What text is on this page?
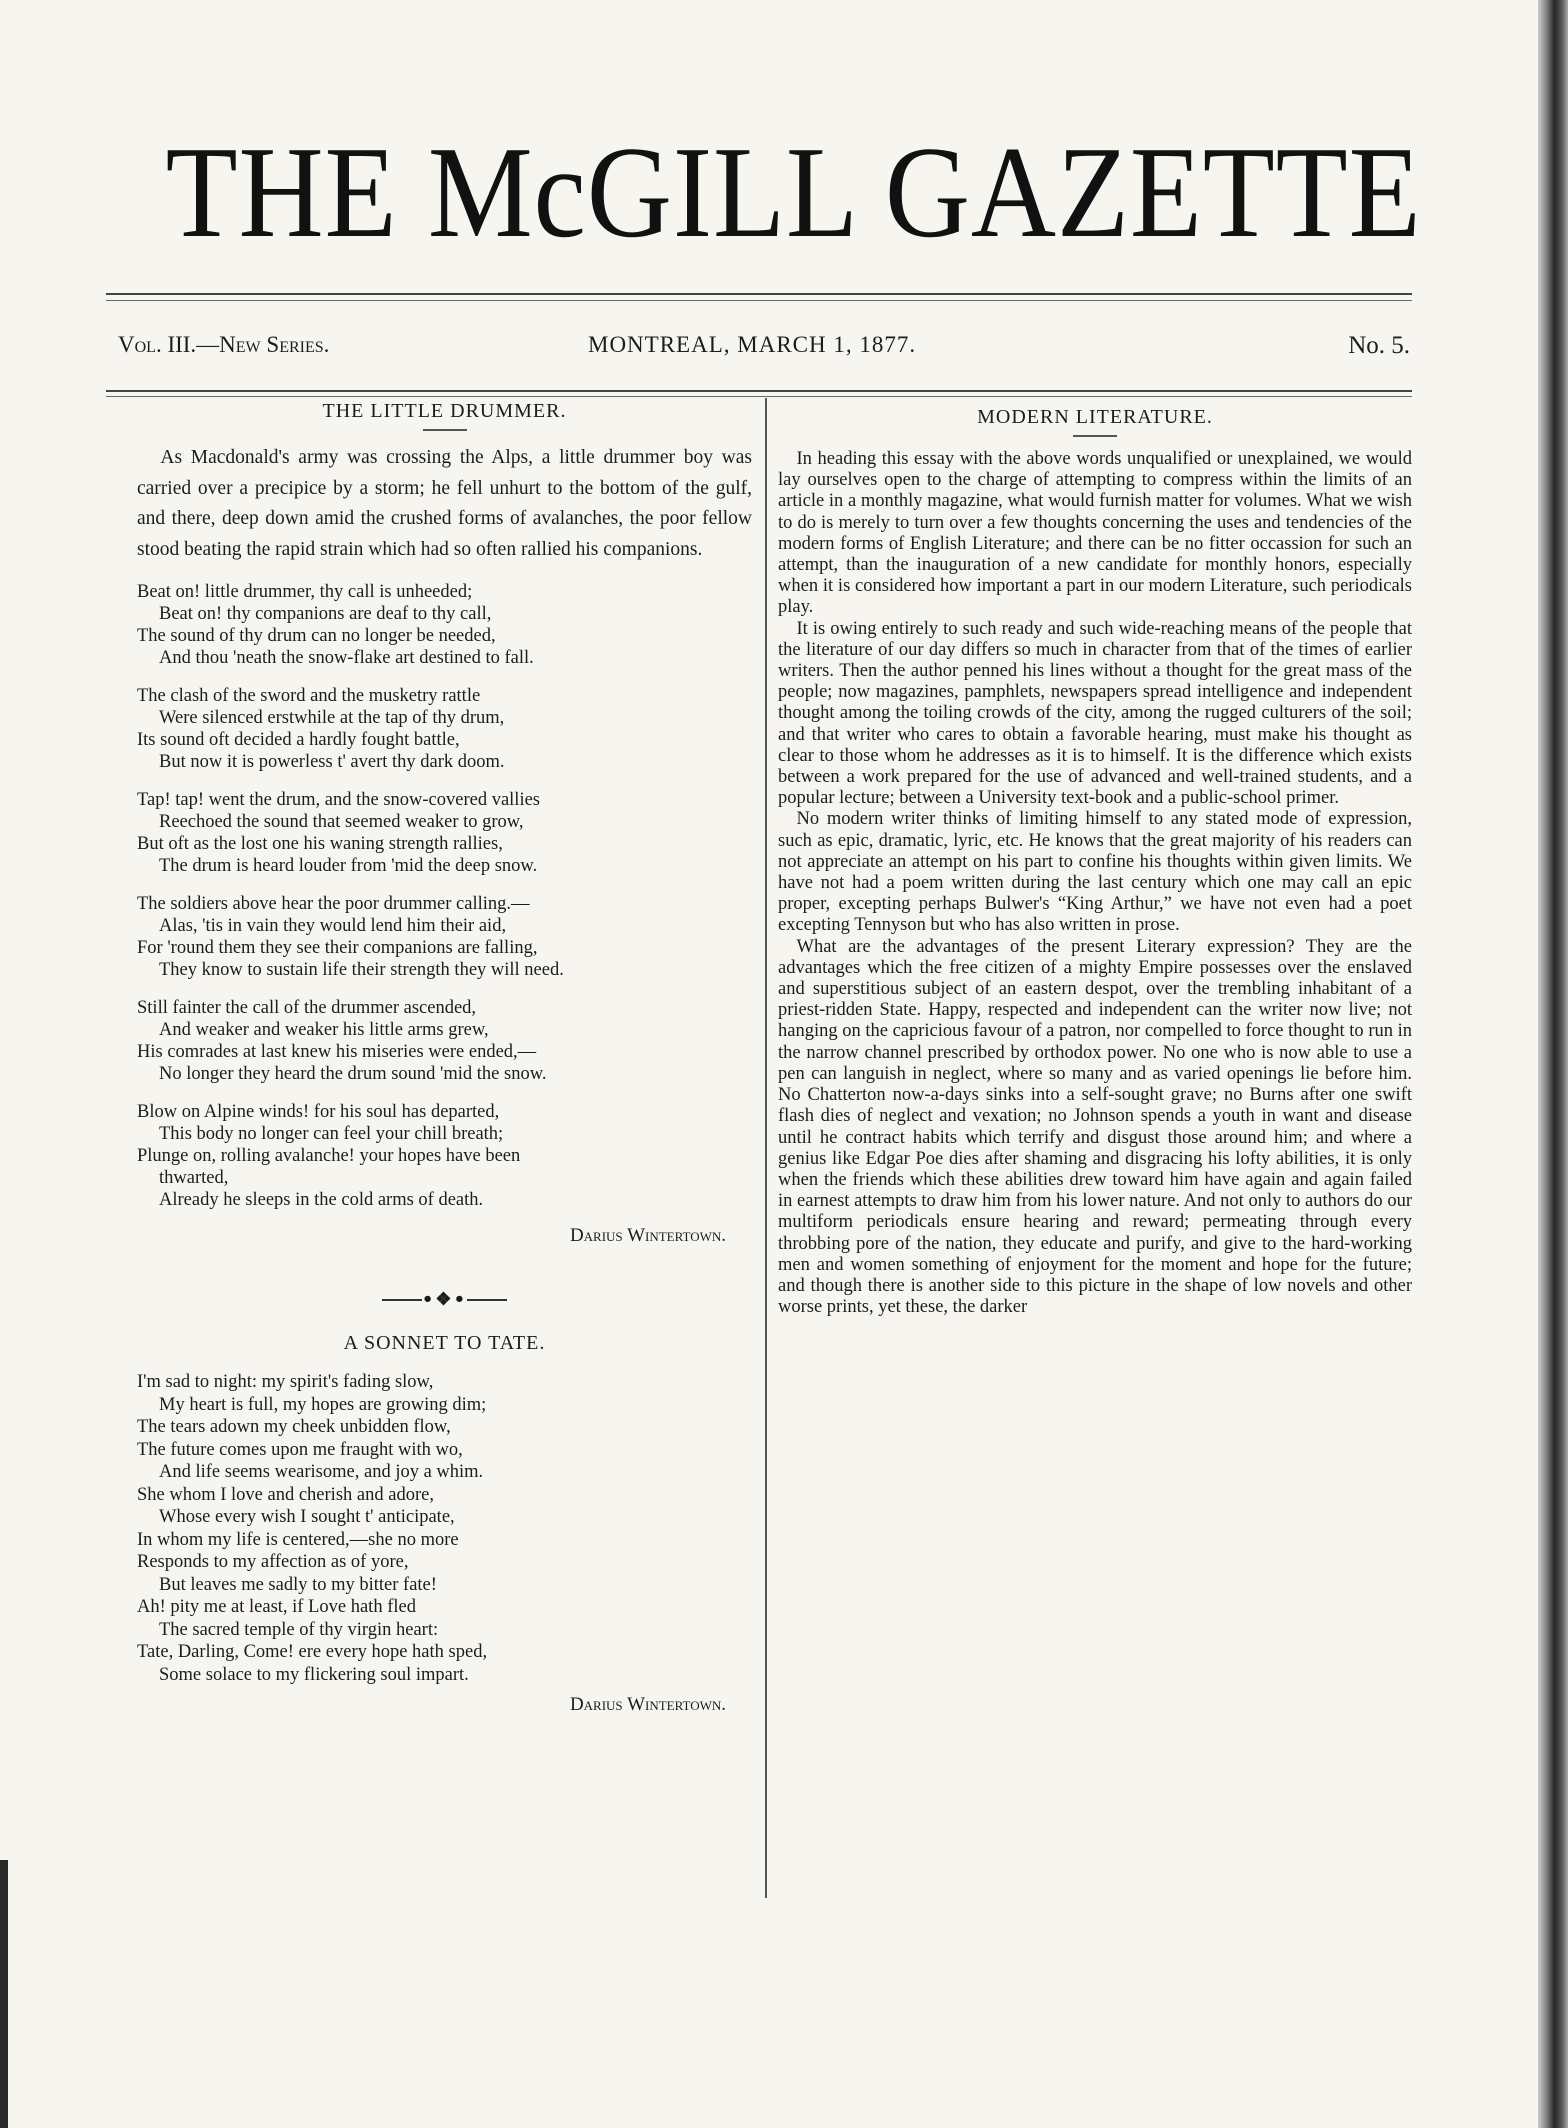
THE McGILL GAZETTE
Vol. III.—New Series.	MONTREAL, MARCH 1, 1877.	No. 5.
THE LITTLE DRUMMER.

As Macdonald's army was crossing the Alps, a little drummer boy was carried over a precipice by a storm; he fell unhurt to the bottom of the gulf, and there, deep down amid the crushed forms of avalanches, the poor fellow stood beating the rapid strain which had so often rallied his companions.

Beat on! little drummer, thy call is unheeded;
Beat on! thy companions are deaf to thy call,
The sound of thy drum can no longer be needed,
And thou 'neath the snow-flake art destined to fall.
The clash of the sword and the musketry rattle
Were silenced erstwhile at the tap of thy drum,
Its sound oft decided a hardly fought battle,
But now it is powerless t' avert thy dark doom.
Tap! tap! went the drum, and the snow-covered vallies
Reechoed the sound that seemed weaker to grow,
But oft as the lost one his waning strength rallies,
The drum is heard louder from 'mid the deep snow.
The soldiers above hear the poor drummer calling.—
Alas, 'tis in vain they would lend him their aid,
For 'round them they see their companions are falling,
They know to sustain life their strength they will need.
Still fainter the call of the drummer ascended,
And weaker and weaker his little arms grew,
His comrades at last knew his miseries were ended,—
No longer they heard the drum sound 'mid the snow.
Blow on Alpine winds! for his soul has departed,
This body no longer can feel your chill breath;
Plunge on, rolling avalanche! your hopes have been
thwarted,
Already he sleeps in the cold arms of death.
Darius Wintertown.
•❖•
A SONNET TO TATE.
I'm sad to night: my spirit's fading slow,
My heart is full, my hopes are growing dim;
The tears adown my cheek unbidden flow,
The future comes upon me fraught with wo,
And life seems wearisome, and joy a whim.
She whom I love and cherish and adore,
Whose every wish I sought t' anticipate,
In whom my life is centered,—she no more
Responds to my affection as of yore,
But leaves me sadly to my bitter fate!
Ah! pity me at least, if Love hath fled
The sacred temple of thy virgin heart:
Tate, Darling, Come! ere every hope hath sped,
Some solace to my flickering soul impart.
Darius Wintertown.
MODERN LITERATURE.

In heading this essay with the above words unqualified or unexplained, we would lay ourselves open to the charge of attempting to compress within the limits of an article in a monthly magazine, what would furnish matter for volumes. What we wish to do is merely to turn over a few thoughts concerning the uses and tendencies of the modern forms of English Literature; and there can be no fitter occassion for such an attempt, than the inauguration of a new candidate for monthly honors, especially when it is considered how important a part in our modern Literature, such periodicals play.

It is owing entirely to such ready and such wide-reaching means of the people that the literature of our day differs so much in character from that of the times of earlier writers. Then the author penned his lines without a thought for the great mass of the people; now magazines, pamphlets, newspapers spread intelligence and independent thought among the toiling crowds of the city, among the rugged culturers of the soil; and that writer who cares to obtain a favorable hearing, must make his thought as clear to those whom he addresses as it is to himself. It is the difference which exists between a work prepared for the use of advanced and well-trained students, and a popular lecture; between a University text-book and a public-school primer.

No modern writer thinks of limiting himself to any stated mode of expression, such as epic, dramatic, lyric, etc. He knows that the great majority of his readers can not appreciate an attempt on his part to confine his thoughts within given limits. We have not had a poem written during the last century which one may call an epic proper, excepting perhaps Bulwer's “King Arthur,” we have not even had a poet excepting Tennyson but who has also written in prose.

What are the advantages of the present Literary expression? They are the advantages which the free citizen of a mighty Empire possesses over the enslaved and superstitious subject of an eastern despot, over the trembling inhabitant of a priest-ridden State. Happy, respected and independent can the writer now live; not hanging on the capricious favour of a patron, nor compelled to force thought to run in the narrow channel prescribed by orthodox power. No one who is now able to use a pen can languish in neglect, where so many and as varied openings lie before him. No Chatterton now-a-days sinks into a self-sought grave; no Burns after one swift flash dies of neglect and vexation; no Johnson spends a youth in want and disease until he contract habits which terrify and disgust those around him; and where a genius like Edgar Poe dies after shaming and disgracing his lofty abilities, it is only when the friends which these abilities drew toward him have again and again failed in earnest attempts to draw him from his lower nature. And not only to authors do our multiform periodicals ensure hearing and reward; permeating through every throbbing pore of the nation, they educate and purify, and give to the hard-working men and women something of enjoyment for the moment and hope for the future; and though there is another side to this picture in the shape of low novels and other worse prints, yet these, the darker
